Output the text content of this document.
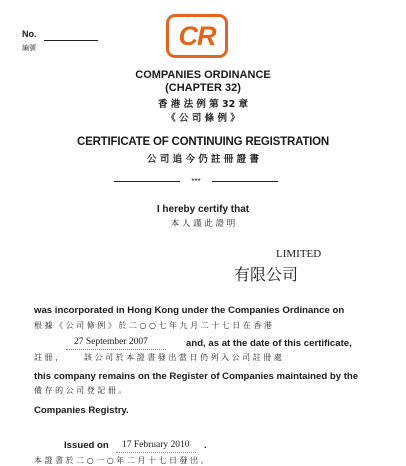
No.
編號	CR
COMPANIES ORDINANCE
(CHAPTER 32)
香 港 法 例 第 32 章
《 公 司 條 例 》
CERTIFICATE OF CONTINUING REGISTRATION
公 司 追 今 仍 註 冊 證 書
***
I hereby certify that
本 人 謹 此 證 明
LIMITED
有限公司
was incorporated in Hong Kong under the Companies Ordinance on
根 據 《 公 司 條 例 》 於 二 ○ ○ 七 年 九 月 二 十 七 日 在 香 港
27 September 2007	and, as at the date of this certificate,
註 冊 ，	該 公 司 於 本 證 書 發 出 當 日 仍 列 入 公 司 註 冊 處
this company remains on the Register of Companies maintained by the
備 存 的 公 司 登 記 冊 。
Companies Registry.
Issued on 17 February 2010 .
本 證 書 於 二 ○ 一 ○ 年 二 月 十 七 日 發 出 。
